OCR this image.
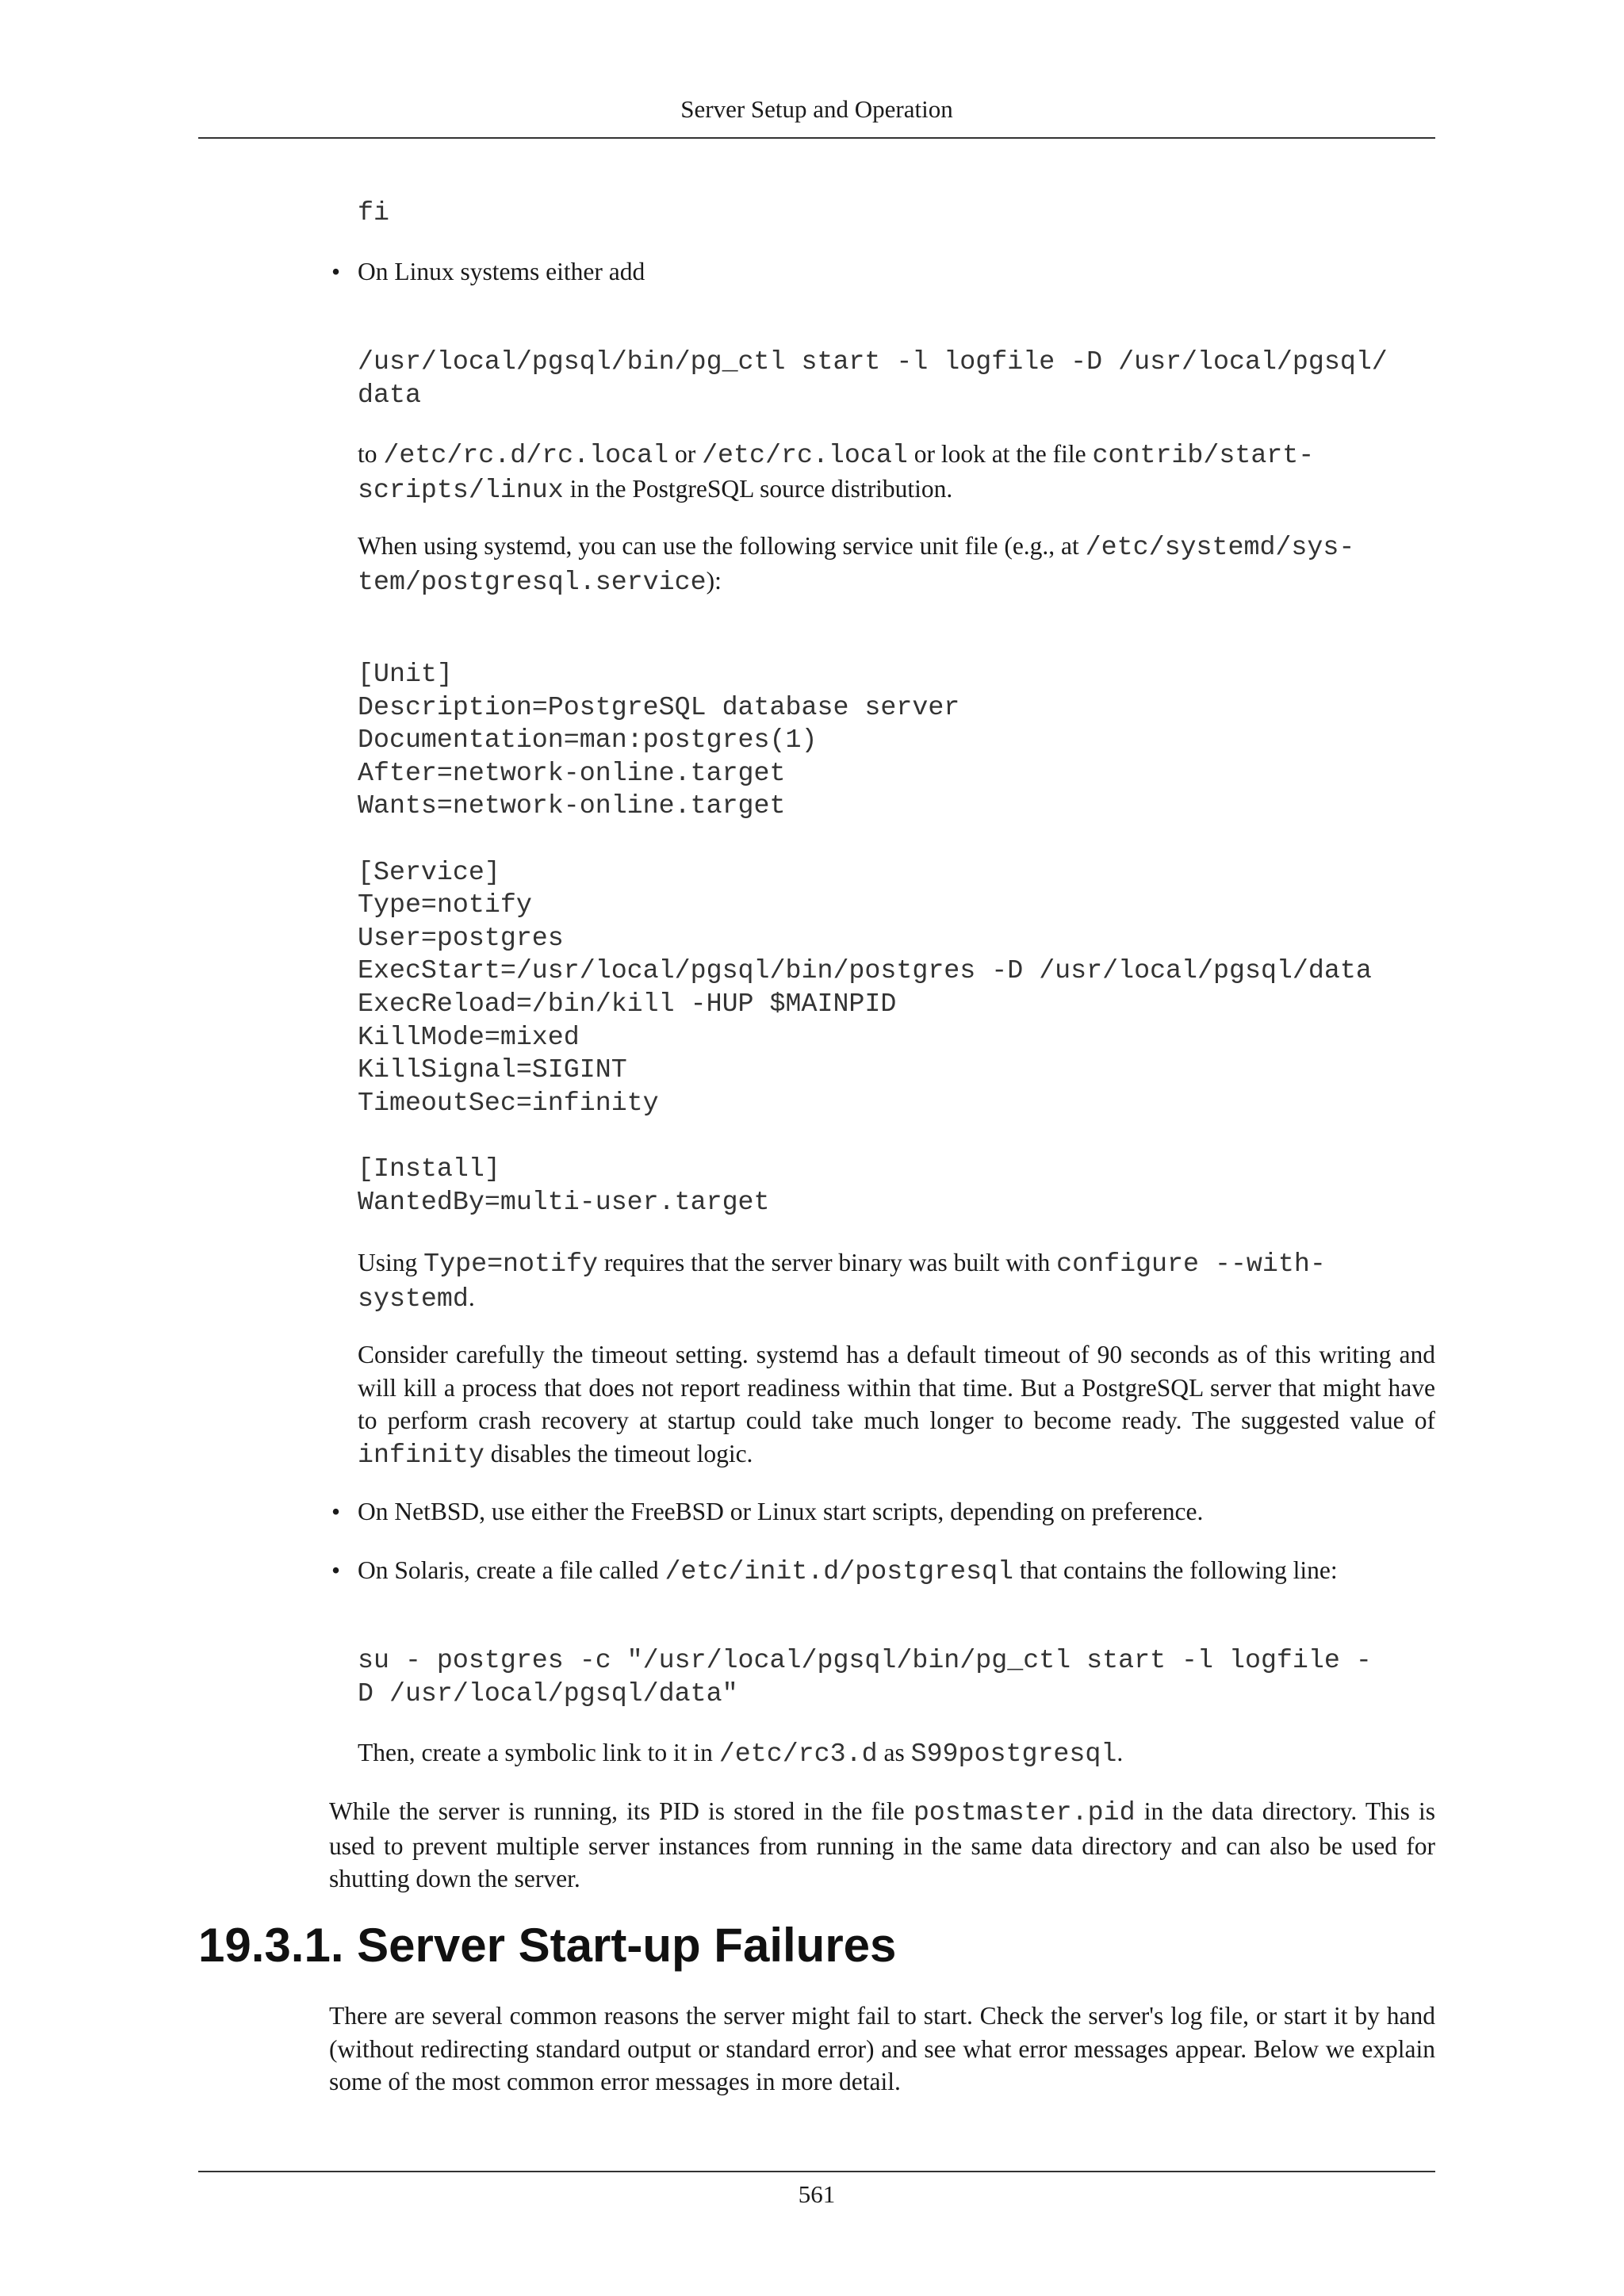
Server Setup and Operation
fi
• On Linux systems either add

/usr/local/pgsql/bin/pg_ctl start -l logfile -D /usr/local/pgsql/
data

to /etc/rc.d/rc.local or /etc/rc.local or look at the file contrib/start-
scripts/linux in the PostgreSQL source distribution.

When using systemd, you can use the following service unit file (e.g., at /etc/systemd/sys-
tem/postgresql.service):

[Unit]
Description=PostgreSQL database server
Documentation=man:postgres(1)
After=network-online.target
Wants=network-online.target

[Service]
Type=notify
User=postgres
ExecStart=/usr/local/pgsql/bin/postgres -D /usr/local/pgsql/data
ExecReload=/bin/kill -HUP $MAINPID
KillMode=mixed
KillSignal=SIGINT
TimeoutSec=infinity

[Install]
WantedBy=multi-user.target

Using Type=notify requires that the server binary was built with configure --with-
systemd.

Consider carefully the timeout setting. systemd has a default timeout of 90 seconds as of this writing and will kill a process that does not report readiness within that time. But a PostgreSQL server that might have to perform crash recovery at startup could take much longer to become ready. The suggested value of infinity disables the timeout logic.

• On NetBSD, use either the FreeBSD or Linux start scripts, depending on preference.

• On Solaris, create a file called /etc/init.d/postgresql that contains the following line:

su - postgres -c "/usr/local/pgsql/bin/pg_ctl start -l logfile -
D /usr/local/pgsql/data"

Then, create a symbolic link to it in /etc/rc3.d as S99postgresql.

While the server is running, its PID is stored in the file postmaster.pid in the data directory. This is used to prevent multiple server instances from running in the same data directory and can also be used for shutting down the server.

19.3.1. Server Start-up Failures

There are several common reasons the server might fail to start. Check the server's log file, or start it by hand (without redirecting standard output or standard error) and see what error messages appear. Below we explain some of the most common error messages in more detail.

561
